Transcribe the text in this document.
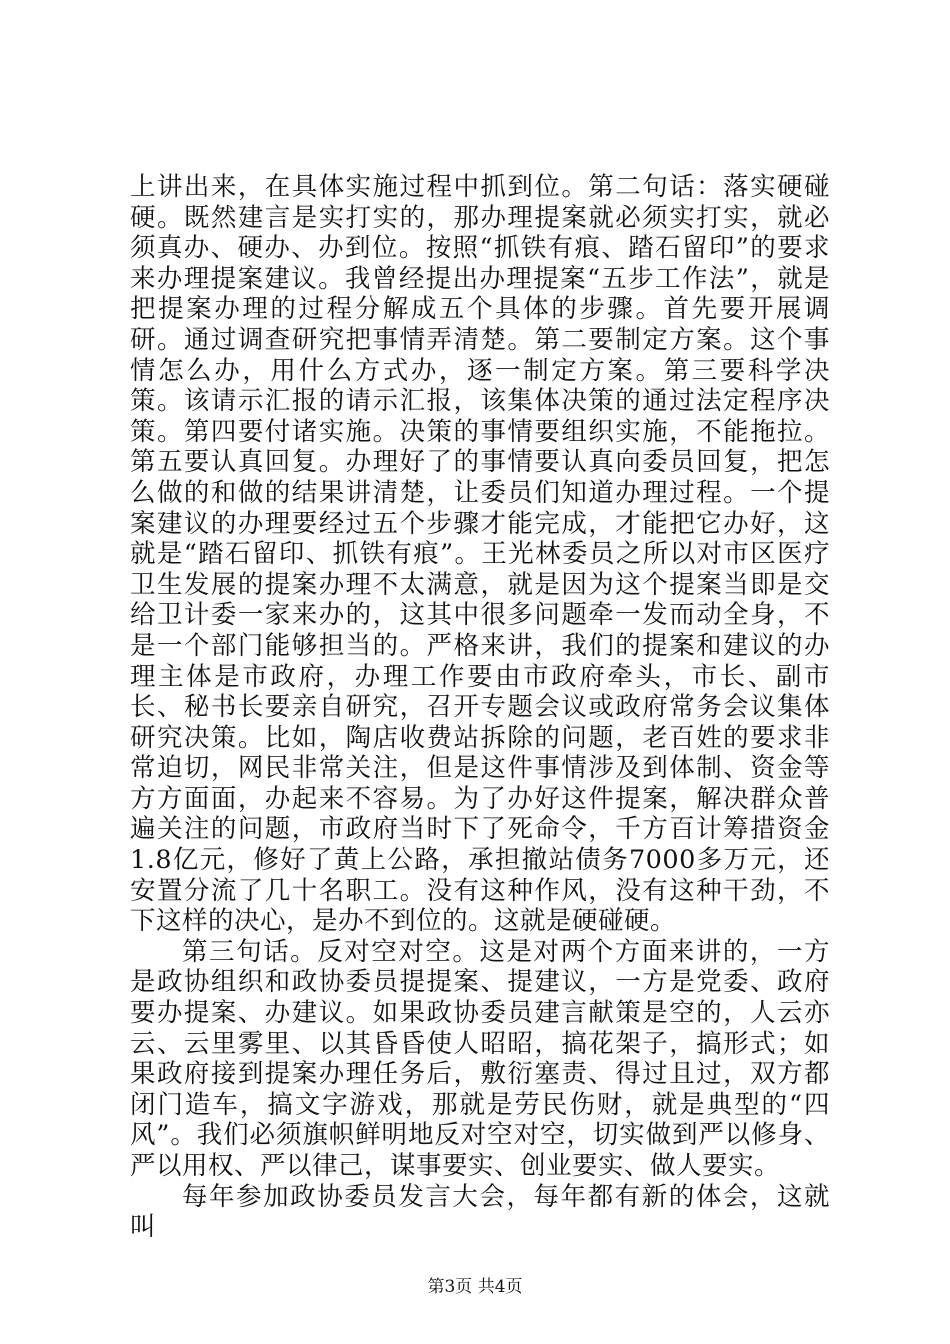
上讲出来，在具体实施过程中抓到位。第二句话：落实硬碰硬。既然建言是实打实的，那办理提案就必须实打实，就必须真办、硬办、办到位。按照“抓铁有痕、踏石留印”的要求来办理提案建议。我曾经提出办理提案“五步工作法”，就是把提案办理的过程分解成五个具体的步骤。首先要开展调研。通过调查研究把事情弄清楚。第二要制定方案。这个事情怎么办，用什么方式办，逐一制定方案。第三要科学决策。该请示汇报的请示汇报，该集体决策的通过法定程序决策。第四要付诸实施。决策的事情要组织实施，不能拖拉。第五要认真回复。办理好了的事情要认真向委员回复，把怎么做的和做的结果讲清楚，让委员们知道办理过程。一个提案建议的办理要经过五个步骤才能完成，才能把它办好，这就是“踏石留印、抓铁有痕”。王光林委员之所以对市区医疗卫生发展的提案办理不太满意，就是因为这个提案当即是交给卫计委一家来办的，这其中很多问题牵一发而动全身，不是一个部门能够担当的。严格来讲，我们的提案和建议的办理主体是市政府，办理工作要由市政府牵头，市长、副市长、秘书长要亲自研究，召开专题会议或政府常务会议集体研究决策。比如，陶店收费站拆除的问题，老百姓的要求非常迫切，网民非常关注，但是这件事情涉及到体制、资金等方方面面，办起来不容易。为了办好这件提案，解决群众普遍关注的问题，市政府当时下了死命令，千方百计筹措资金1.8亿元，修好了黄上公路，承担撤站债务7000多万元，还安置分流了几十名职工。没有这种作风，没有这种干劲，不下这样的决心，是办不到位的。这就是硬碰硬。

第三句话。反对空对空。这是对两个方面来讲的，一方是政协组织和政协委员提提案、提建议，一方是党委、政府要办提案、办建议。如果政协委员建言献策是空的，人云亦云、云里雾里、以其昏昏使人昭昭，搞花架子，搞形式；如果政府接到提案办理任务后，敷衍塞责、得过且过，双方都闭门造车，搞文字游戏，那就是劳民伤财，就是典型的“四风”。我们必须旗帜鲜明地反对空对空，切实做到严以修身、严以用权、严以律己，谋事要实、创业要实、做人要实。

每年参加政协委员发言大会，每年都有新的体会，这就叫

第3页 共4页
